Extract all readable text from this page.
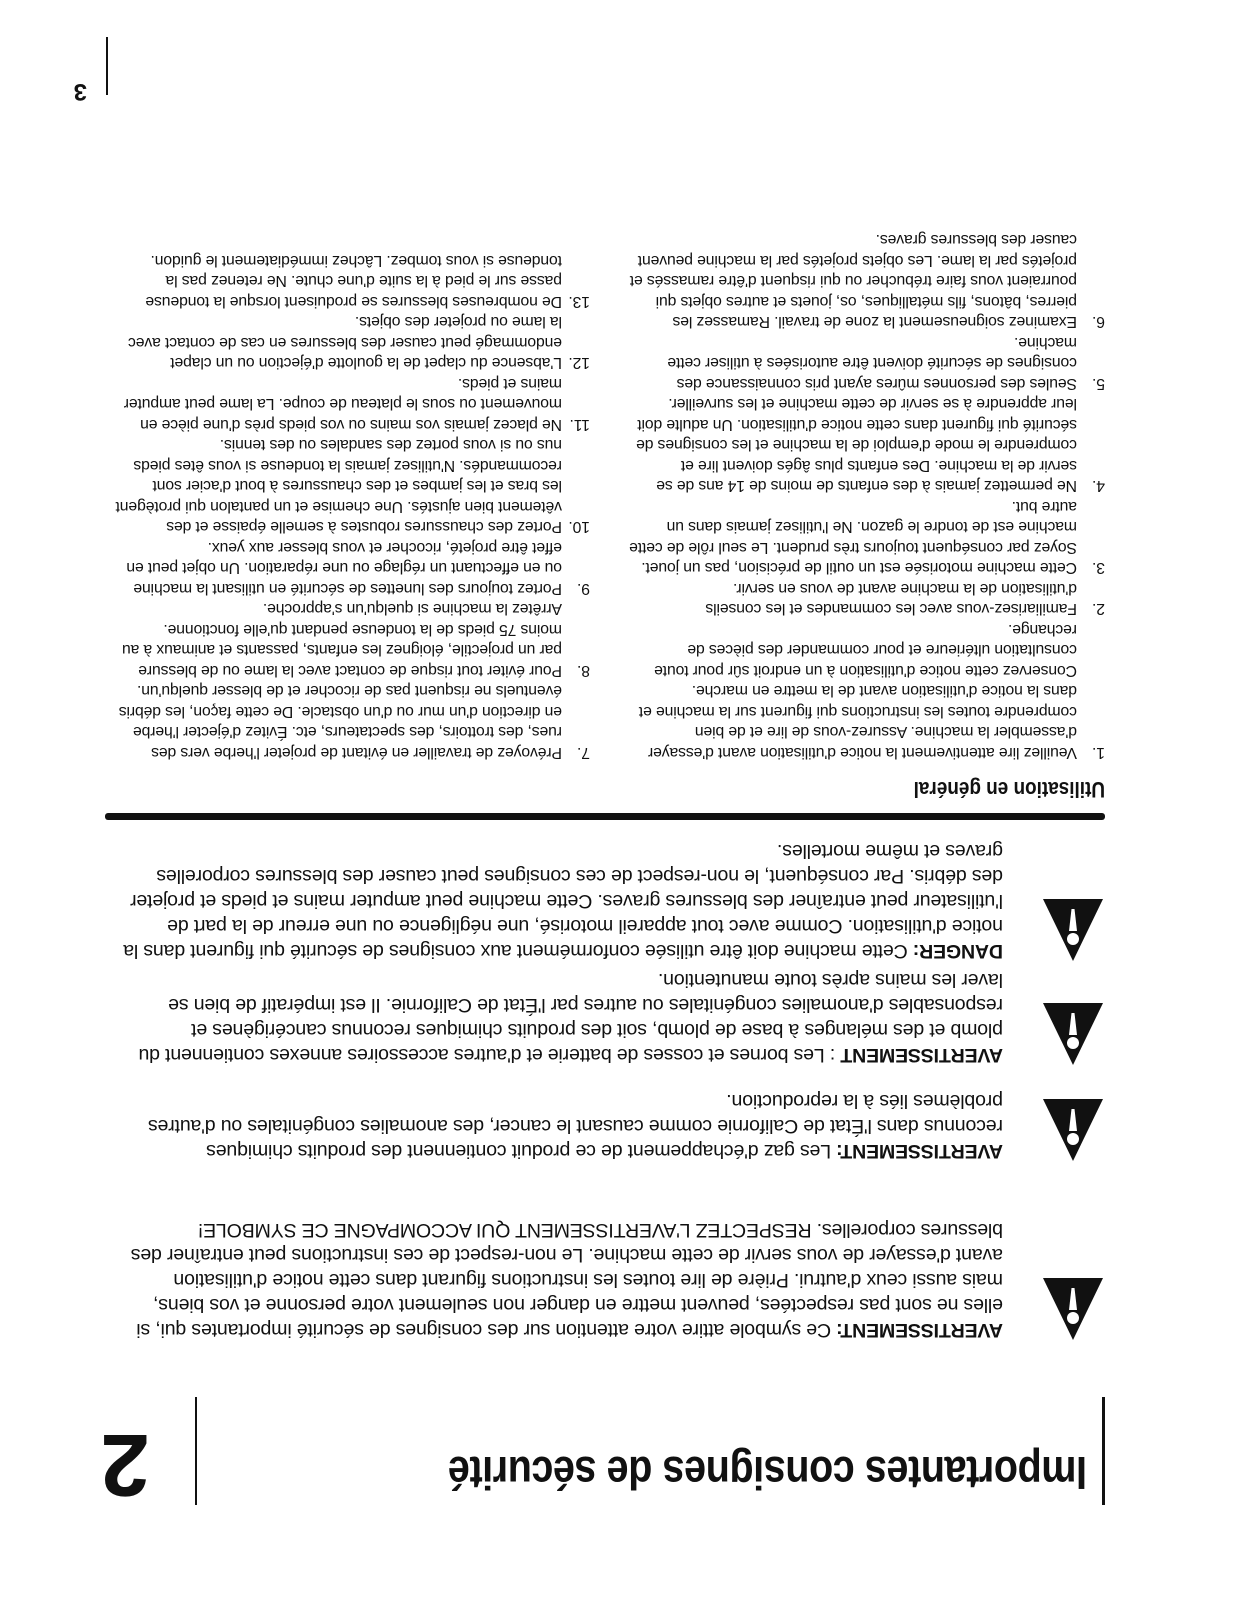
2	Importantes consignes de sécurité
AVERTISSEMENT: Ce symbole attire votre attention sur des consignes de sécurité importantes qui, si elles ne sont pas respectées, peuvent mettre en danger non seulement votre personne et vos biens, mais aussi ceux d'autrui. Prière de lire toutes les instructions figurant dans cette notice d'utilisation avant d'essayer de vous servir de cette machine. Le non-respect de ces instructions peut entraîner des blessures corporelles. RESPECTEZ L'AVERTISSEMENT QUI ACCOMPAGNE CE SYMBOLE!
AVERTISSEMENT: Les gaz d'échappement de ce produit contiennent des produits chimiques reconnus dans l'État de Californie comme causant le cancer, des anomalies congénitales ou d'autres problèmes liés à la reproduction.
AVERTISSEMENT : Les bornes et cosses de batterie et d'autres accessoires annexes contiennent du plomb et des mélanges à base de plomb, soit des produits chimiques reconnus cancérigènes et responsables d'anomalies congénitales ou autres par l'État de Californie. Il est impératif de bien se laver les mains après toute manutention.
DANGER: Cette machine doit être utilisée conformément aux consignes de sécurité qui figurent dans la notice d'utilisation. Comme avec tout appareil motorisé, une négligence ou une erreur de la part de l'utilisateur peut entraîner des blessures graves. Cette machine peut amputer mains et pieds et projeter des débris. Par conséquent, le non-respect de ces consignes peut causer des blessures corporelles graves et même mortelles.
Utilisation en général
1.
Veuillez lire attentivement la notice d'utilisation avant d'essayer d'assembler la machine. Assurez-vous de lire et de bien comprendre toutes les instructions qui figurent sur la machine et dans la notice d'utilisation avant de la mettre en marche. Conservez cette notice d'utilisation à un endroit sûr pour toute consultation ultérieure et pour commander des pièces de rechange.
2.
Familiarisez-vous avec les commandes et les conseils d'utilisation de la machine avant de vous en servir.
3.
Cette machine motorisée est un outil de précision, pas un jouet. Soyez par conséquent toujours très prudent. Le seul rôle de cette machine est de tondre le gazon. Ne l'utilisez jamais dans un autre but.
4.
Ne permettez jamais à des enfants de moins de 14 ans de se servir de la machine. Des enfants plus âgés doivent lire et comprendre le mode d'emploi de la machine et les consignes de sécurité qui figurent dans cette notice d'utilisation. Un adulte doit leur apprendre à se servir de cette machine et les surveiller.
5.
Seules des personnes mûres ayant pris connaissance des consignes de sécurité doivent être autorisées à utiliser cette machine.
6.
Examinez soigneusement la zone de travail. Ramassez les pierres, bâtons, fils métalliques, os, jouets et autres objets qui pourraient vous faire trébucher ou qui risquent d'être ramassés et projetés par la lame. Les objets projetés par la machine peuvent causer des blessures graves.
7.
Prévoyez de travailler en évitant de projeter l'herbe vers des rues, des trottoirs, des spectateurs, etc. Évitez d'éjecter l'herbe en direction d'un mur ou d'un obstacle. De cette façon, les débris éventuels ne risquent pas de ricocher et de blesser quelqu'un.
8.
Pour éviter tout risque de contact avec la lame ou de blessure par un projectile, éloignez les enfants, passants et animaux à au moins 75 pieds de la tondeuse pendant qu'elle fonctionne. Arrêtez la machine si quelqu'un s'approche.
9.
Portez toujours des lunettes de sécurité en utilisant la machine ou en effectuant un réglage ou une réparation. Un objet peut en effet être projeté, ricocher et vous blesser aux yeux.
10.
Portez des chaussures robustes à semelle épaisse et des vêtement bien ajustés. Une chemise et un pantalon qui protègent les bras et les jambes et des chaussures à bout d'acier sont recommandés. N'utilisez jamais la tondeuse si vous êtes pieds nus ou si vous portez des sandales ou des tennis.
11.
Ne placez jamais vos mains ou vos pieds près d'une pièce en mouvement ou sous le plateau de coupe. La lame peut amputer mains et pieds.
12.
L'absence du clapet de la goulotte d'éjection ou un clapet endommagé peut causer des blessures en cas de contact avec la lame ou projeter des objets.
13.
De nombreuses blessures se produisent lorsque la tondeuse passe sur le pied à la suite d'une chute. Ne retenez pas la tondeuse si vous tombez. Lâchez immédiatement le guidon.
3
